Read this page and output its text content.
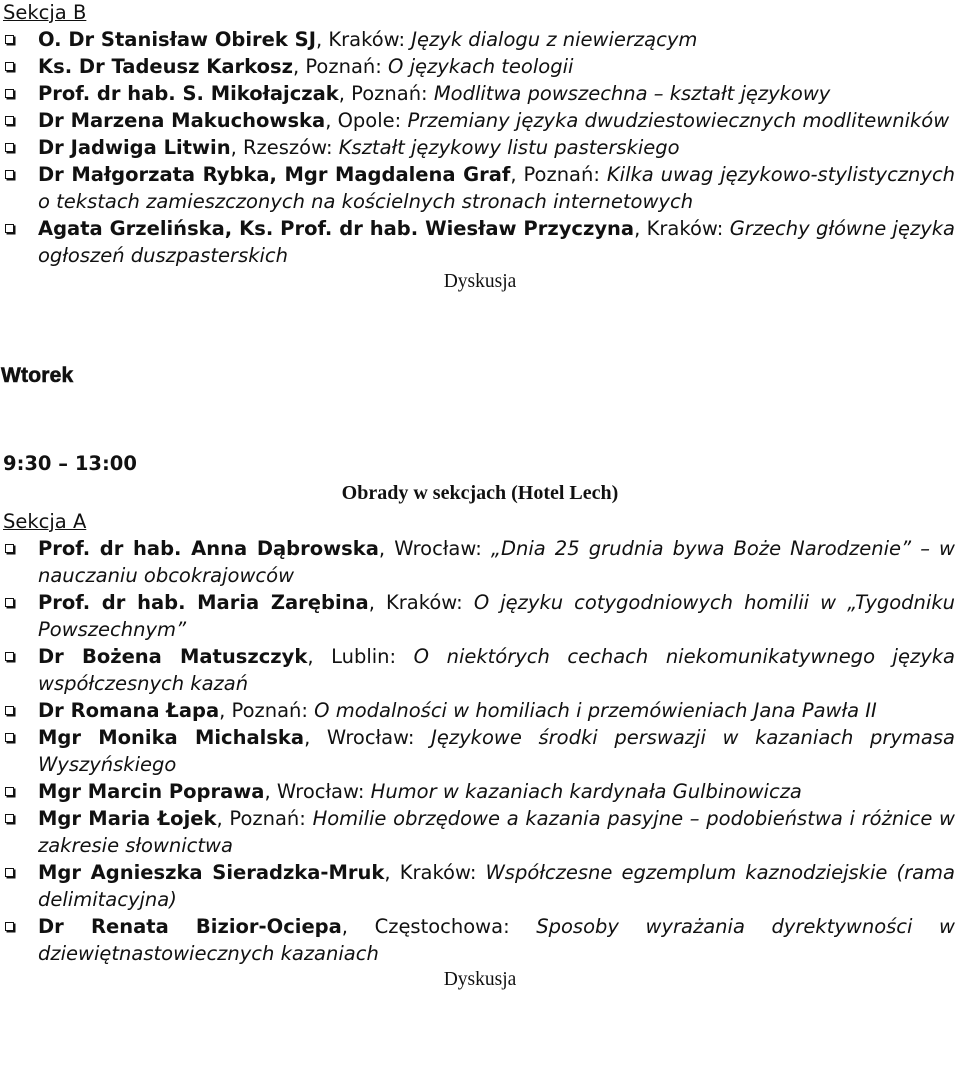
Sekcja B
O. Dr Stanisław Obirek SJ, Kraków: Język dialogu z niewierzącym
Ks. Dr Tadeusz Karkosz, Poznań: O językach teologii
Prof. dr hab. S. Mikołajczak, Poznań: Modlitwa powszechna – kształt językowy
Dr Marzena Makuchowska, Opole: Przemiany języka dwudziestowiecznych modlitewników
Dr Jadwiga Litwin, Rzeszów: Kształt językowy listu pasterskiego
Dr Małgorzata Rybka, Mgr Magdalena Graf, Poznań: Kilka uwag językowo-stylistycznych o tekstach zamieszczonych na kościelnych stronach internetowych
Agata Grzelińska, Ks. Prof. dr hab. Wiesław Przyczyna, Kraków: Grzechy główne języka ogłoszeń duszpasterskich
Dyskusja
Wtorek
9:30 – 13:00
Obrady w sekcjach (Hotel Lech)
Sekcja A
Prof. dr hab. Anna Dąbrowska, Wrocław: „Dnia 25 grudnia bywa Boże Narodzenie” – w nauczaniu obcokrajowców
Prof. dr hab. Maria Zarębina, Kraków: O języku cotygodniowych homilii w „Tygodniku Powszechnym”
Dr Bożena Matuszczyk, Lublin: O niektórych cechach niekomunikatywnego języka współczesnych kazań
Dr Romana Łapa, Poznań: O modalności w homiliach i przemówieniach Jana Pawła II
Mgr Monika Michalska, Wrocław: Językowe środki perswazji w kazaniach prymasa Wyszyńskiego
Mgr Marcin Poprawa, Wrocław: Humor w kazaniach kardynała Gulbinowicza
Mgr Maria Łojek, Poznań: Homilie obrzędowe a kazania pasyjne – podobieństwa i różnice w zakresie słownictwa
Mgr Agnieszka Sieradzka-Mruk, Kraków: Współczesne egzemplum kaznodziejskie (rama delimitacyjna)
Dr Renata Bizior-Ociepa, Częstochowa: Sposoby wyrażania dyrektywności w dziewiętnastowiecznych kazaniach
Dyskusja
